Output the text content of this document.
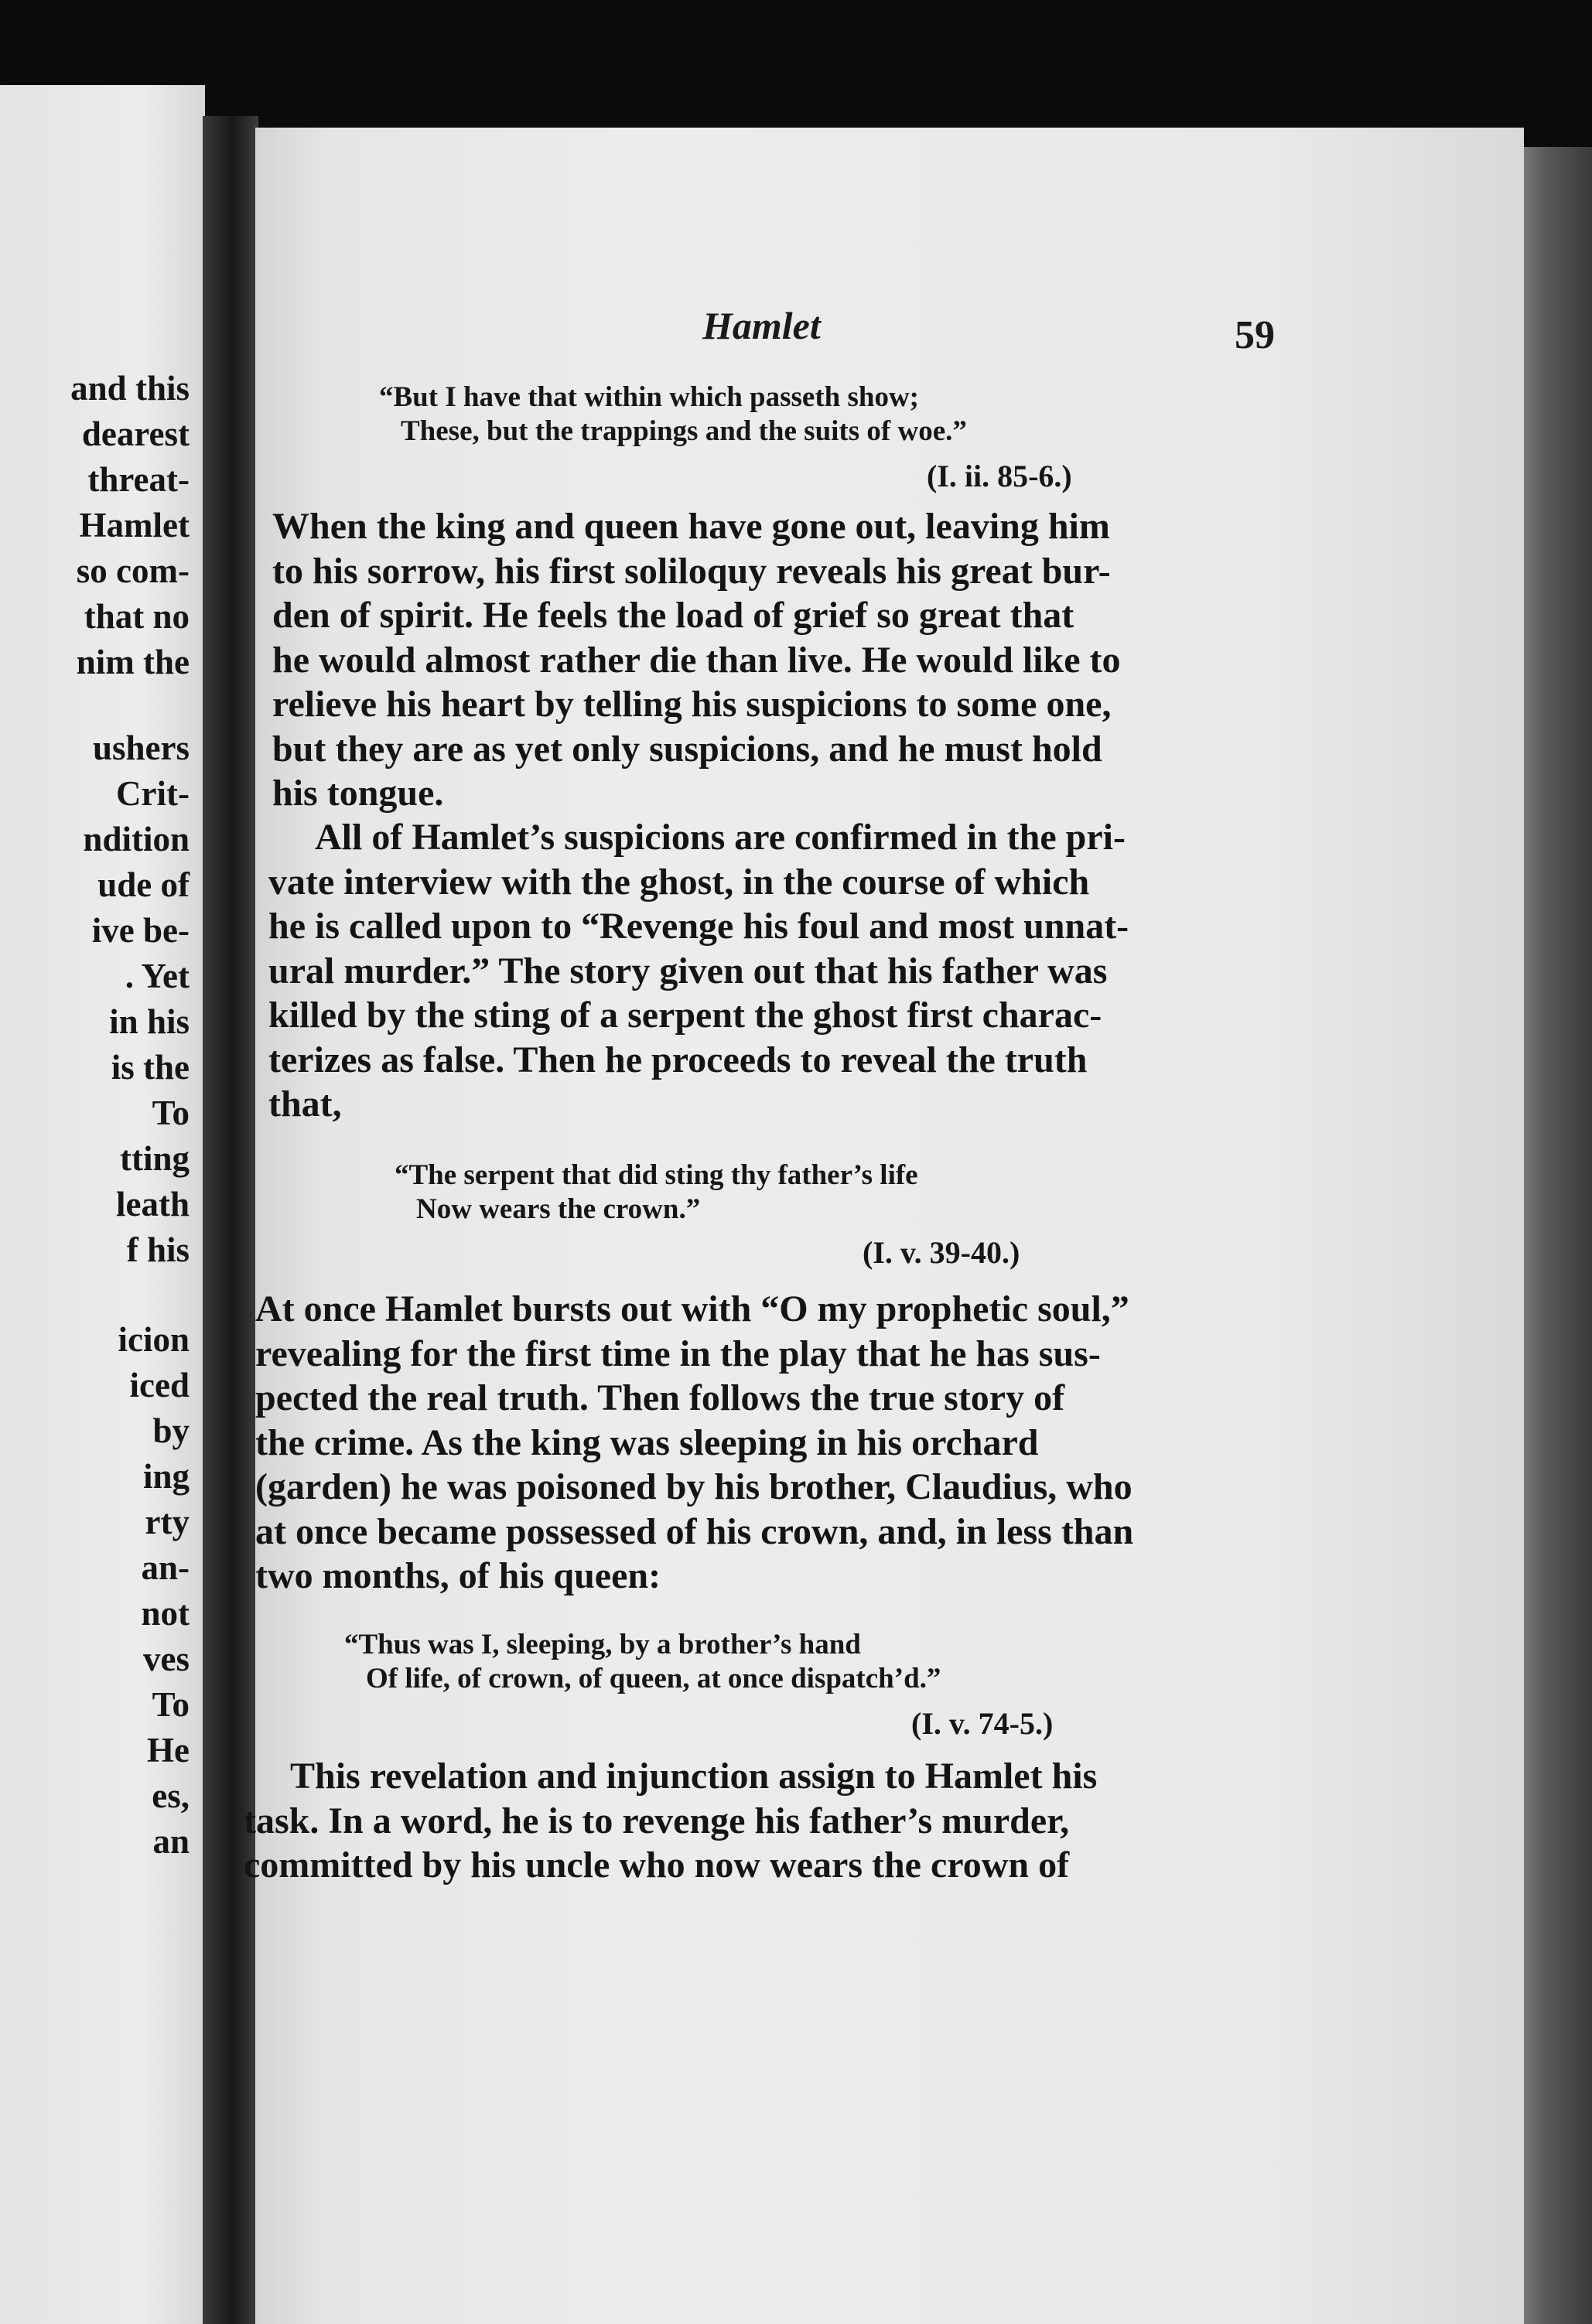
and this

dearest

threat-

Hamlet

so com-

that no

nim the

ushers

Crit-

ndition

ude of

ive be-

. Yet

in his

is the

To

tting

leath

f his

icion

iced

by

ing

rty

an-

not

ves

To

He

es,

an

Hamlet	59

“But I have that within which passeth show;

These, but the trappings and the suits of woe.”

(I. ii. 85-6.)

When the king and queen have gone out, leaving him
to his sorrow, his first soliloquy reveals his great bur-
den of spirit. He feels the load of grief so great that
he would almost rather die than live. He would like to
relieve his heart by telling his suspicions to some one,
but they are as yet only suspicions, and he must hold
his tongue.
All of Hamlet’s suspicions are confirmed in the pri-
vate interview with the ghost, in the course of which
he is called upon to “Revenge his foul and most unnat-
ural murder.” The story given out that his father was
killed by the sting of a serpent the ghost first charac-
terizes as false. Then he proceeds to reveal the truth
that,

“The serpent that did sting thy father’s life

Now wears the crown.”

(I. v. 39-40.)

At once Hamlet bursts out with “O my prophetic soul,”
revealing for the first time in the play that he has sus-
pected the real truth. Then follows the true story of
the crime. As the king was sleeping in his orchard
(garden) he was poisoned by his brother, Claudius, who
at once became possessed of his crown, and, in less than
two months, of his queen:

“Thus was I, sleeping, by a brother’s hand

Of life, of crown, of queen, at once dispatch’d.”

(I. v. 74-5.)

This revelation and injunction assign to Hamlet his
task. In a word, he is to revenge his father’s murder,
committed by his uncle who now wears the crown of
